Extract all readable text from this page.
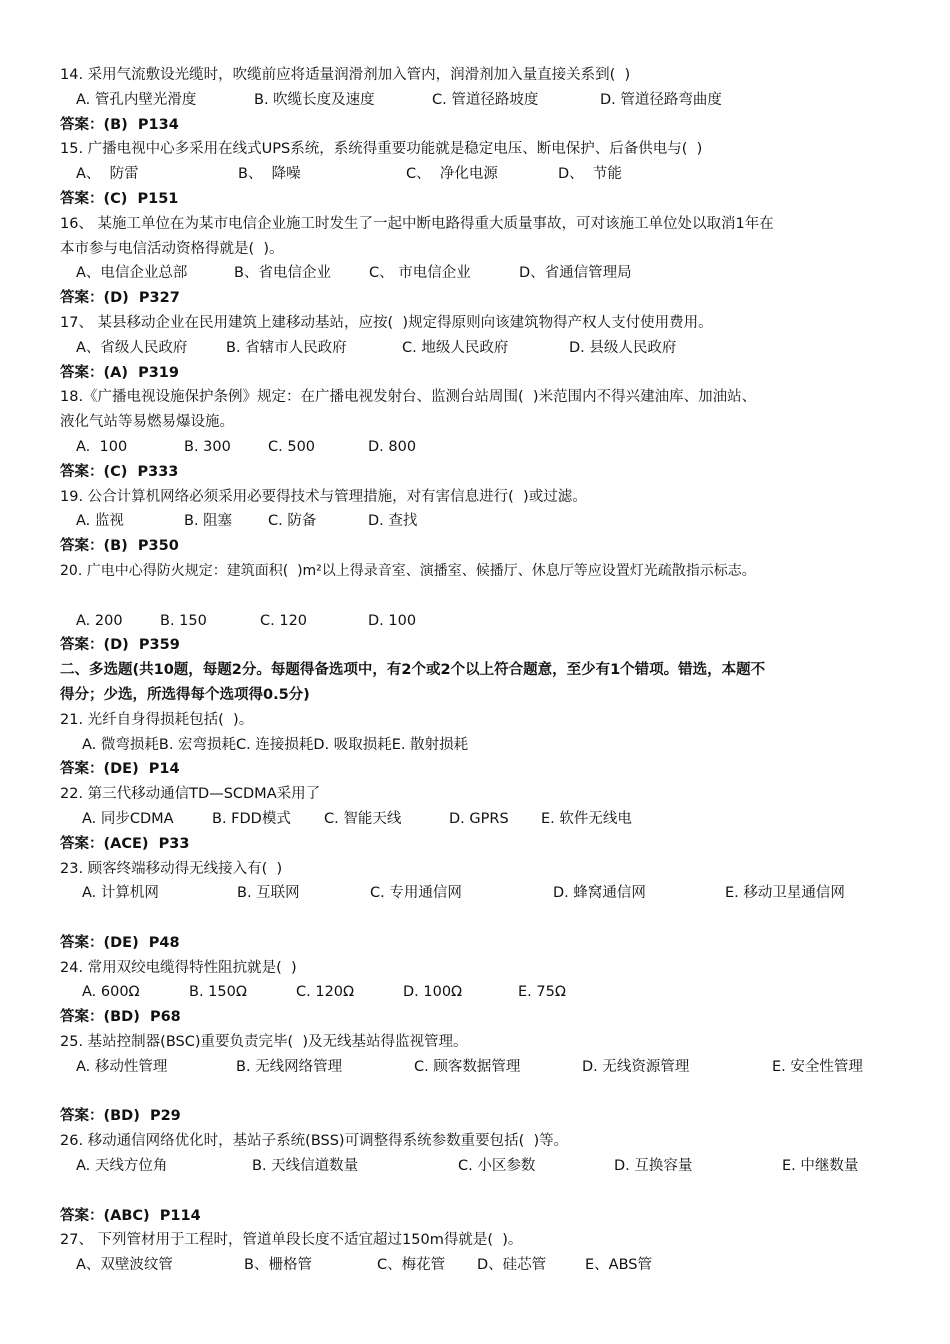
14. 采用气流敷设光缆时，吹缆前应将适量润滑剂加入管内，润滑剂加入量直接关系到(  )
A. 管孔内壁光滑度	B. 吹缆长度及速度	C. 管道径路坡度	D. 管道径路弯曲度
答案：(B)  P134
15. 广播电视中心多采用在线式UPS系统，系统得重要功能就是稳定电压、断电保护、后备供电与(  )
A、  防雷	B、  降噪	C、  净化电源	D、  节能
答案：(C)  P151
16、 某施工单位在为某市电信企业施工时发生了一起中断电路得重大质量事故，可对该施工单位处以取消1年在
本市参与电信活动资格得就是(  )。
A、电信企业总部	B、省电信企业	C、 市电信企业	D、省通信管理局
答案：(D)  P327
17、 某县移动企业在民用建筑上建移动基站，应按(  )规定得原则向该建筑物得产权人支付使用费用。
A、省级人民政府	B. 省辖市人民政府	C. 地级人民政府	D. 县级人民政府
答案：(A)  P319
18.《广播电视设施保护条例》规定：在广播电视发射台、监测台站周围(  )米范围内不得兴建油库、加油站、
液化气站等易燃易爆设施。
A.  100	B. 300	C. 500	D. 800
答案：(C)  P333
19. 公合计算机网络必须采用必要得技术与管理措施，对有害信息进行(  )或过滤。
A. 监视	B. 阻塞 C. 防备	D. 查找
答案：(B)  P350
20. 广电中心得防火规定：建筑面积(  )m²以上得录音室、演播室、候播厅、休息厅等应设置灯光疏散指示标志。
A. 200	B. 150	C. 120	D. 100
答案：(D)  P359
二、多选题(共10题，每题2分。每题得备选项中，有2个或2个以上符合题意，至少有1个错项。错选，本题不
得分；少选，所选得每个选项得0.5分)
21. 光纤自身得损耗包括(  )。
A. 微弯损耗B. 宏弯损耗C. 连接损耗D. 吸取损耗E. 散射损耗
答案：(DE)  P14
22. 第三代移动通信TD—SCDMA采用了
A. 同步CDMA	B. FDD模式 C. 智能天线	D. GPRS E. 软件无线电
答案：(ACE)  P33
23. 顾客终端移动得无线接入有(  )
A. 计算机网	B. 互联网	C. 专用通信网	D. 蜂窝通信网	E. 移动卫星通信网
答案：(DE)  P48
24. 常用双绞电缆得特性阻抗就是(  )
A. 600Ω	B. 150Ω	C. 120Ω	D. 100Ω	E. 75Ω
答案：(BD)  P68
25. 基站控制器(BSC)重要负责完毕(  )及无线基站得监视管理。
A. 移动性管理	B. 无线网络管理	C. 顾客数据管理	D. 无线资源管理	E. 安全性管理
答案：(BD)  P29
26. 移动通信网络优化时，基站子系统(BSS)可调整得系统参数重要包括(  )等。
A. 天线方位角	B. 天线信道数量	C. 小区参数	D. 互换容量	E. 中继数量
答案：(ABC)  P114
27、 下列管材用于工程时，管道单段长度不适宜超过150m得就是(  )。
A、双壁波纹管	B、栅格管	C、梅花管 D、硅芯管	E、ABS管
